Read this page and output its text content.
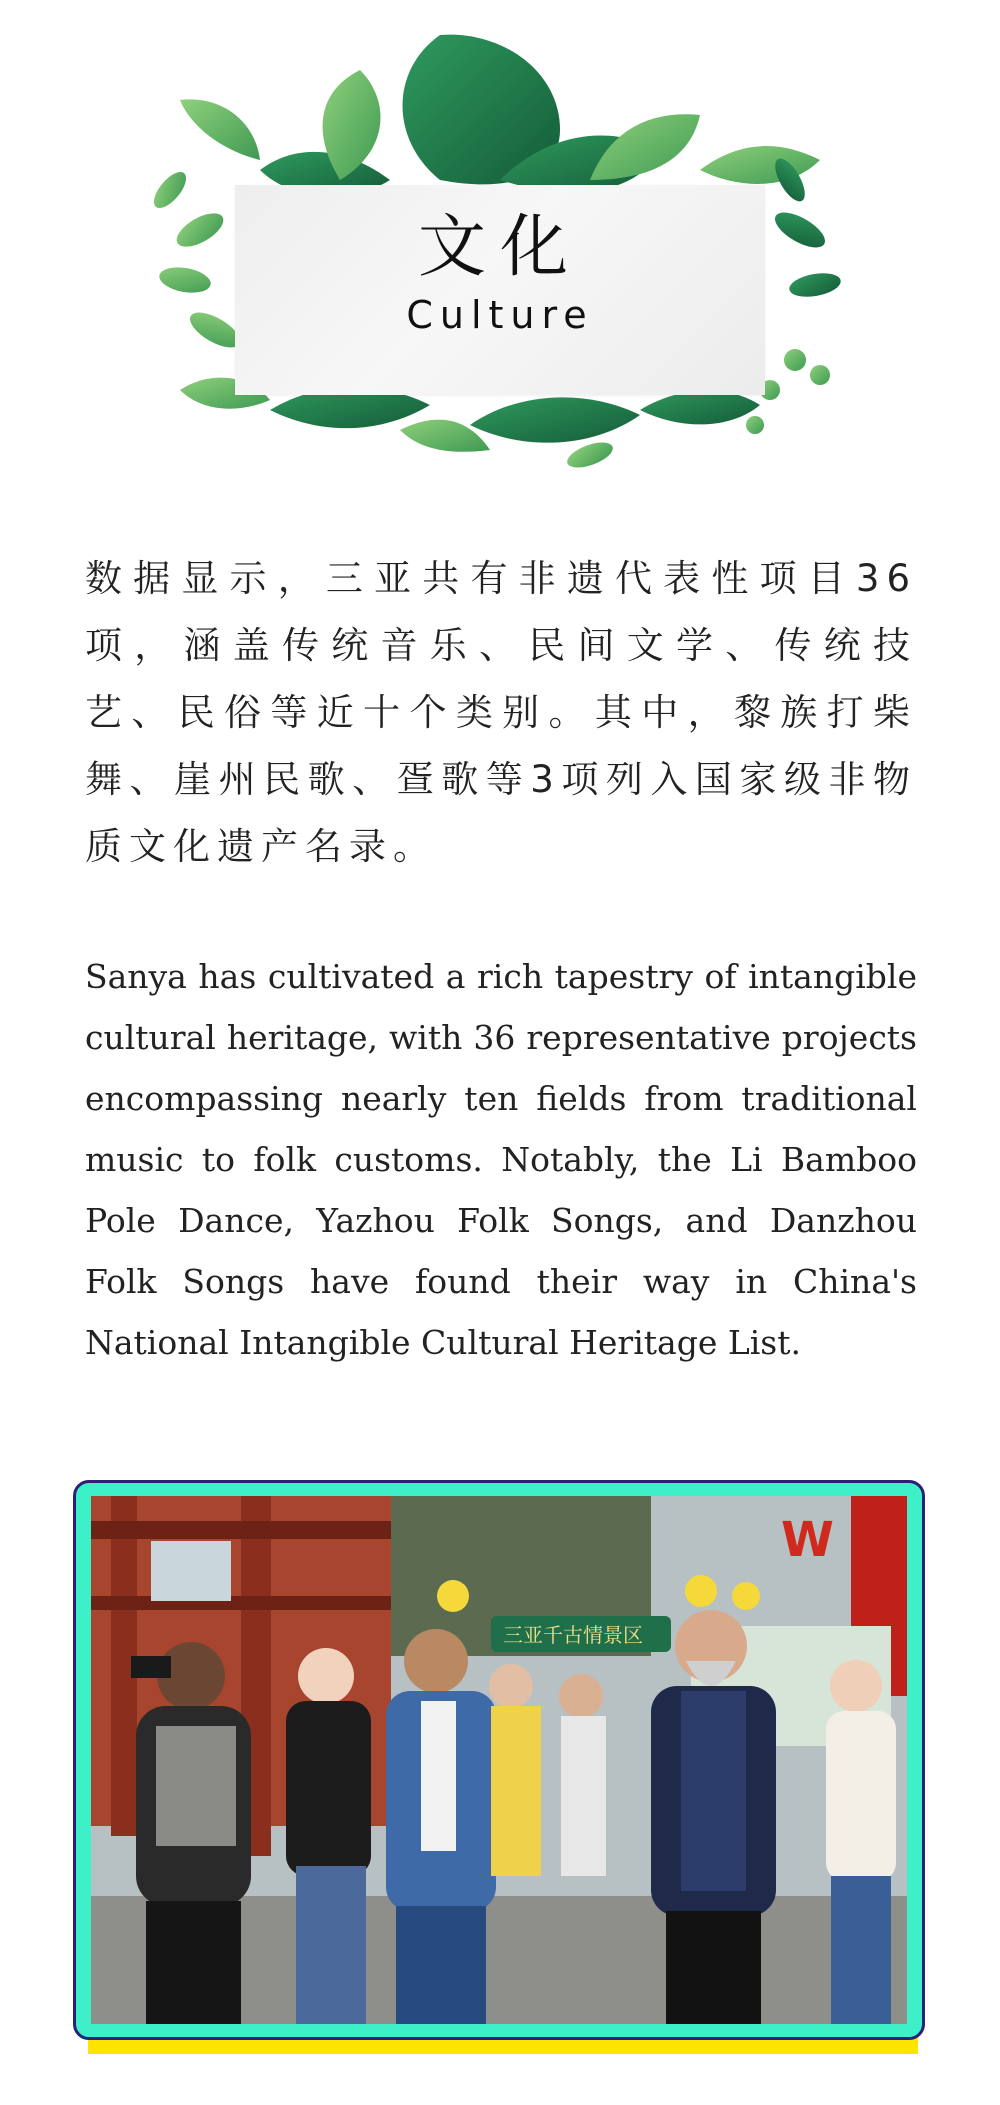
文化
Culture

数据显示，三亚共有非遗代表性项目36项，涵盖传统音乐、民间文学、传统技艺、民俗等近十个类别。其中，黎族打柴舞、崖州民歌、疍歌等3项列入国家级非物质文化遗产名录。

Sanya has cultivated a rich tapestry of intangible cultural heritage, with 36 representative projects encompassing nearly ten fields from traditional music to folk customs. Notably, the Li Bamboo Pole Dance, Yazhou Folk Songs, and Danzhou Folk Songs have found their way in China's National Intangible Cultural Heritage List.

W
三亚千古情景区
